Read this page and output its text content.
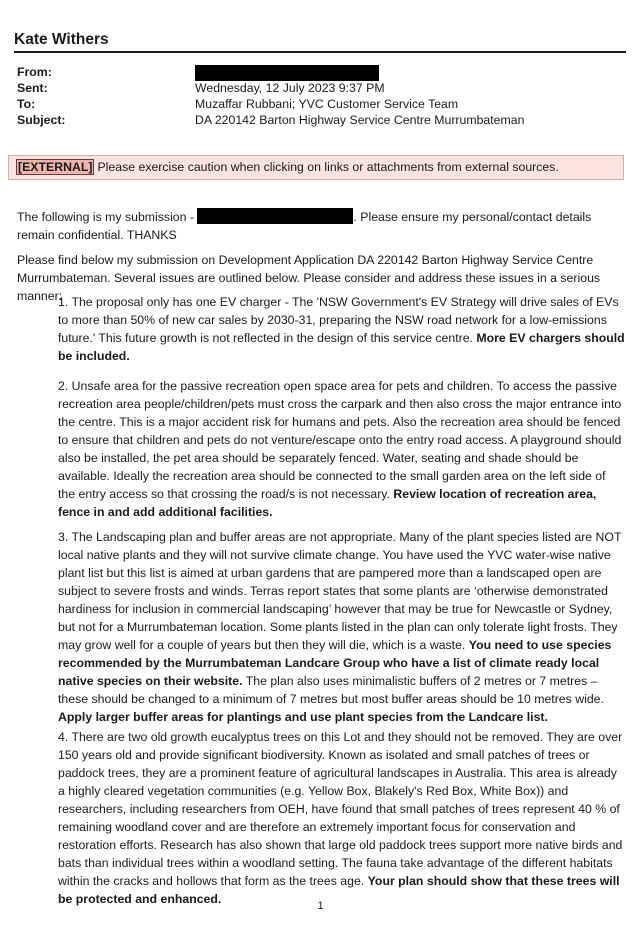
Kate Withers
From:
Sent:	Wednesday, 12 July 2023 9:37 PM
To:	Muzaffar Rubbani; YVC Customer Service Team
Subject:	DA 220142 Barton Highway Service Centre Murrumbateman
[EXTERNAL] Please exercise caution when clicking on links or attachments from external sources.

The following is my submission -	. Please ensure my personal/contact details remain confidential. THANKS

Please find below my submission on Development Application DA 220142 Barton Highway Service Centre Murrumbateman. Several issues are outlined below. Please consider and address these issues in a serious manner:

1. The proposal only has one EV charger - The 'NSW Government's EV Strategy will drive sales of EVs to more than 50% of new car sales by 2030-31, preparing the NSW road network for a low-emissions future.' This future growth is not reflected in the design of this service centre. More EV chargers should be included.

2. Unsafe area for the passive recreation open space area for pets and children. To access the passive recreation area people/children/pets must cross the carpark and then also cross the major entrance into the centre. This is a major accident risk for humans and pets. Also the recreation area should be fenced to ensure that children and pets do not venture/escape onto the entry road access. A playground should also be installed, the pet area should be separately fenced. Water, seating and shade should be available. Ideally the recreation area should be connected to the small garden area on the left side of the entry access so that crossing the road/s is not necessary. Review location of recreation area, fence in and add additional facilities.

3. The Landscaping plan and buffer areas are not appropriate. Many of the plant species listed are NOT local native plants and they will not survive climate change. You have used the YVC water-wise native plant list but this list is aimed at urban gardens that are pampered more than a landscaped open are subject to severe frosts and winds. Terras report states that some plants are ‘otherwise demonstrated hardiness for inclusion in commercial landscaping’ however that may be true for Newcastle or Sydney, but not for a Murrumbateman location. Some plants listed in the plan can only tolerate light frosts. They may grow well for a couple of years but then they will die, which is a waste. You need to use species recommended by the Murrumbateman Landcare Group who have a list of climate ready local native species on their website. The plan also uses minimalistic buffers of 2 metres or 7 metres – these should be changed to a minimum of 7 metres but most buffer areas should be 10 metres wide. Apply larger buffer areas for plantings and use plant species from the Landcare list.

4. There are two old growth eucalyptus trees on this Lot and they should not be removed. They are over 150 years old and provide significant biodiversity. Known as isolated and small patches of trees or paddock trees, they are a prominent feature of agricultural landscapes in Australia. This area is already a highly cleared vegetation communities (e.g. Yellow Box, Blakely's Red Box, White Box)) and researchers, including researchers from OEH, have found that small patches of trees represent 40 % of remaining woodland cover and are therefore an extremely important focus for conservation and restoration efforts. Research has also shown that large old paddock trees support more native birds and bats than individual trees within a woodland setting. The fauna take advantage of the different habitats within the cracks and hollows that form as the trees age. Your plan should show that these trees will be protected and enhanced.	1
